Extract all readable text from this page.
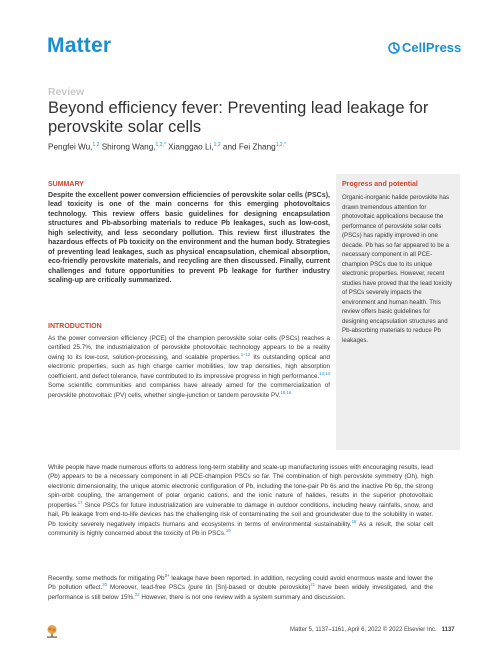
Matter	CellPress
Review
Beyond efficiency fever: Preventing lead leakage for perovskite solar cells
Pengfei Wu,$^{1,2}$ Shirong Wang,$^{1,2,*}$ Xianggao Li,$^{1,2}$ and Fei Zhang$^{1,2,*}$
SUMMARY
Despite the excellent power conversion efficiencies of perovskite solar cells (PSCs), lead toxicity is one of the main concerns for this emerging photovoltaics technology. This review offers basic guidelines for designing encapsulation structures and Pb-absorbing materials to reduce Pb leakages, such as low-cost, high selectivity, and less secondary pollution. This review first illustrates the hazardous effects of Pb toxicity on the environment and the human body. Strategies of preventing lead leakages, such as physical encapsulation, chemical absorption, eco-friendly perovskite materials, and recycling are then discussed. Finally, current challenges and future opportunities to prevent Pb leakage for further industry scaling-up are critically summarized.
INTRODUCTION
As the power conversion efficiency (PCE) of the champion perovskite solar cells (PSCs) reaches a certified 25.7%, the industrialization of perovskite photovoltaic technology appears to be a reality owing to its low-cost, solution-processing, and scalable properties.$^{1-12}$ Its outstanding optical and electronic properties, such as high charge carrier mobilities, low trap densities, high absorption coefficient, and defect tolerance, have contributed to its impressive progress in high performance.$^{13,14}$ Some scientific communities and companies have already aimed for the commercialization of perovskite photovoltaic (PV) cells, whether single-junction or tandem perovskite PV.$^{15,16}$
While people have made numerous efforts to address long-term stability and scale-up manufacturing issues with encouraging results, lead (Pb) appears to be a necessary component in all PCE-champion PSCs so far. The combination of high perovskite symmetry (Oh), high electronic dimensionality, the unique atomic electronic configuration of Pb, including the lone-pair Pb 6s and the inactive Pb 6p, the strong spin-orbit coupling, the arrangement of polar organic cations, and the ionic nature of halides, results in the superior photovoltaic properties.$^{17}$ Since PSCs for future industrialization are vulnerable to damage in outdoor conditions, including heavy rainfalls, snow, and hail, Pb leakage from end-to-life devices has the challenging risk of contaminating the soil and groundwater due to the solubility in water. Pb toxicity severely negatively impacts humans and ecosystems in terms of environmental sustainability.$^{18}$ As a result, the solar cell community is highly concerned about the toxicity of Pb in PSCs.$^{19}$
Recently, some methods for mitigating $Pb^{2+}$ leakage have been reported. In addition, recycling could avoid enormous waste and lower the Pb pollution effect.$^{20}$ Moreover, lead-free PSCs (pure tin [Sn]-based or double perovskite)$^{21}$ have been widely investigated, and the performance is still below 15%.$^{22}$ However, there is not one review with a system summary and discussion.
Progress and potential
Organic-inorganic halide perovskite has drawn tremendous attention for photovoltaic applications because the performance of perovskite solar cells (PSCs) has rapidly improved in one decade. Pb has so far appeared to be a necessary component in all PCE-champion PSCs due to its unique electronic properties. However, recent studies have proved that the lead toxicity of PSCs severely impacts the environment and human health. This review offers basic guidelines for designing encapsulation structures and Pb-absorbing materials to reduce Pb leakages.
Matter 5, 1137–1161, April 6, 2022 © 2022 Elsevier Inc. 1137
